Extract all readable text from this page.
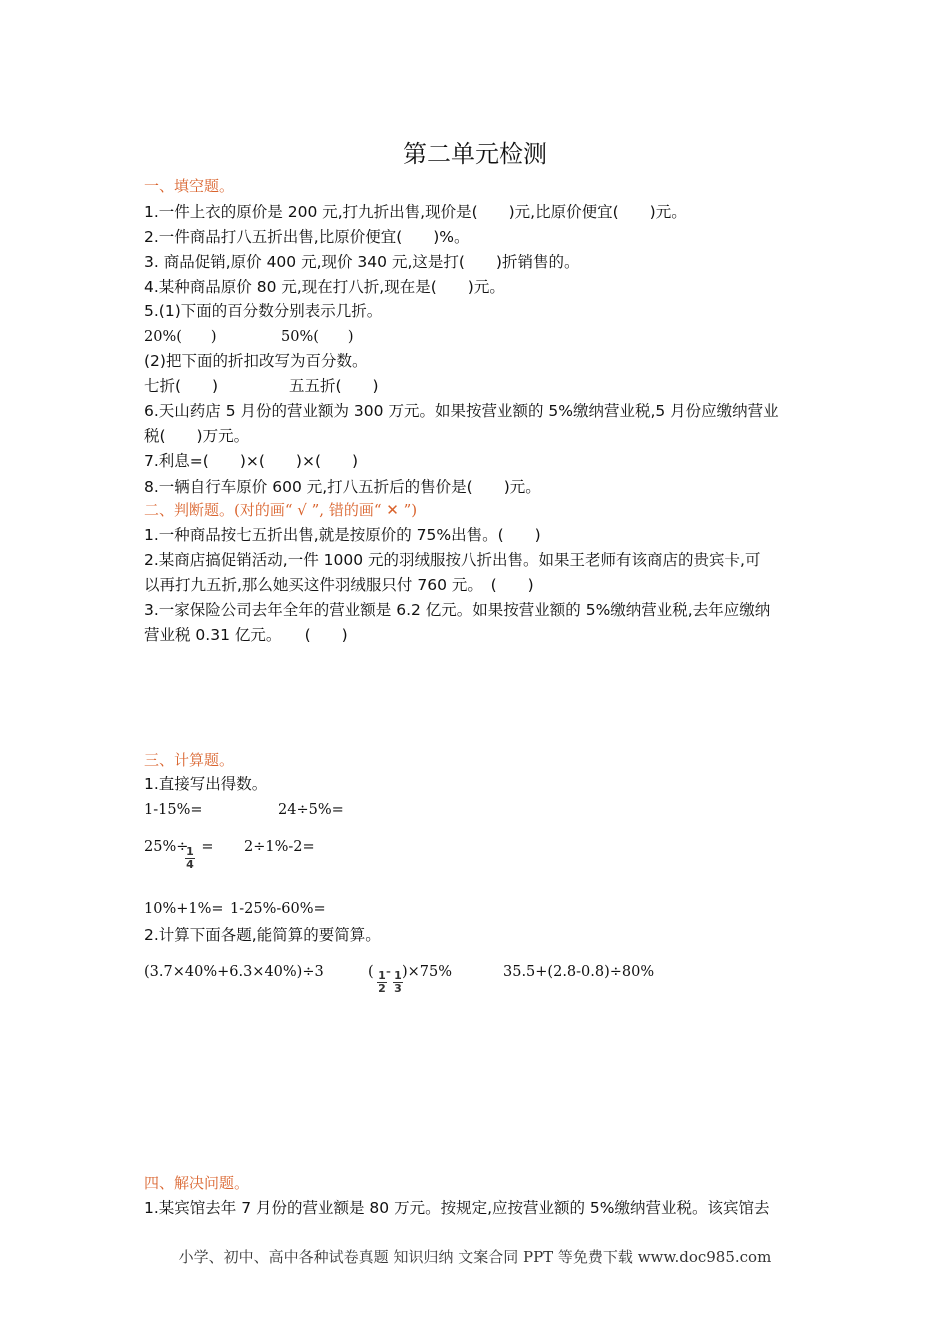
第二单元检测
一、填空题。
1.一件上衣的原价是 200 元,打九折出售,现价是(　　)元,比原价便宜(　　)元。
2.一件商品打八五折出售,比原价便宜(　　)%。
3. 商品促销,原价 400 元,现价 340 元,这是打(　　)折销售的。
4.某种商品原价 80 元,现在打八折,现在是(　　)元。
5.(1)下面的百分数分别表示几折。
20%(　　)	50%(　　)
(2)把下面的折扣改写为百分数。
七折(　　)	五五折(　　)
6.天山药店 5 月份的营业额为 300 万元。如果按营业额的 5%缴纳营业税,5 月份应缴纳营业
税(　　)万元。
7.利息=(　　)×(　　)×(　　)
8.一辆自行车原价 600 元,打八五折后的售价是(　　)元。
二、判断题。(对的画“ √ ”, 错的画“ ✕ ”)
1.一种商品按七五折出售,就是按原价的 75%出售。(　　)
2.某商店搞促销活动,一件 1000 元的羽绒服按八折出售。如果王老师有该商店的贵宾卡,可
以再打九五折,那么她买这件羽绒服只付 760 元。　(　　)
3.一家保险公司去年全年的营业额是 6.2 亿元。如果按营业额的 5%缴纳营业税,去年应缴纳
营业税 0.31 亿元。　　(　　)
三、计算题。
1.直接写出得数。
1-15%=	24÷5%=
25%÷ =
1
4
2÷1%-2=
10%+1%= 1-25%-60%=
2.计算下面各题,能简算的要简算。
(3.7×40%+6.3×40%)÷3	( 1
2
- 1
3
)×75%	35.5+(2.8-0.8)÷80%
四、解决问题。
1.某宾馆去年 7 月份的营业额是 80 万元。按规定,应按营业额的 5%缴纳营业税。该宾馆去
小学、初中、高中各种试卷真题 知识归纳 文案合同 PPT 等免费下载 www.doc985.com
